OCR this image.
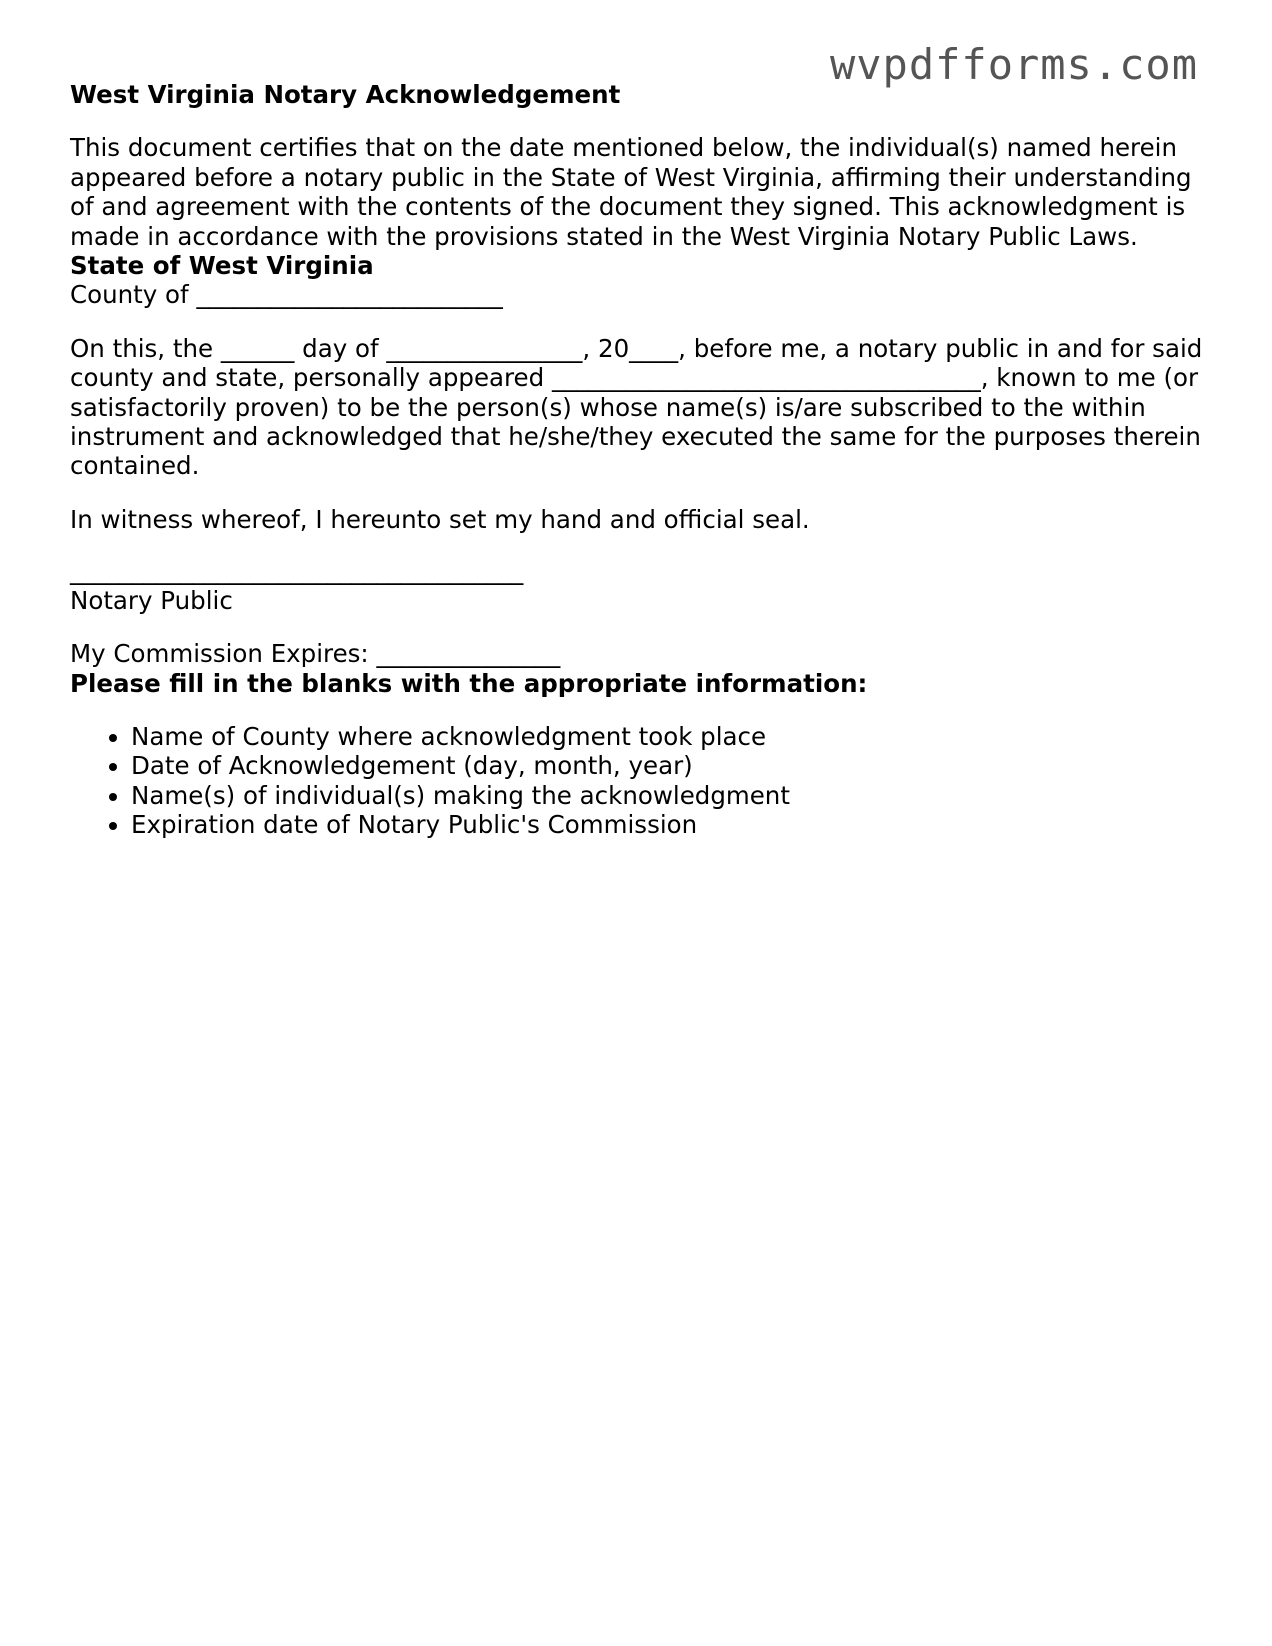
wvpdfforms.com

West Virginia Notary Acknowledgement

This document certifies that on the date mentioned below, the individual(s) named herein appeared before a notary public in the State of West Virginia, affirming their understanding of and agreement with the contents of the document they signed. This acknowledgment is made in accordance with the provisions stated in the West Virginia Notary Public Laws.

State of West Virginia

County of _________________________

On this, the ______ day of ________________, 20____, before me, a notary public in and for said county and state, personally appeared ___________________________________, known to me (or satisfactorily proven) to be the person(s) whose name(s) is/are subscribed to the within instrument and acknowledged that he/she/they executed the same for the purposes therein contained.

In witness whereof, I hereunto set my hand and official seal.

_____________________________________

Notary Public

My Commission Expires: _______________

Please fill in the blanks with the appropriate information:

• Name of County where acknowledgment took place
• Date of Acknowledgement (day, month, year)
• Name(s) of individual(s) making the acknowledgment
• Expiration date of Notary Public's Commission
